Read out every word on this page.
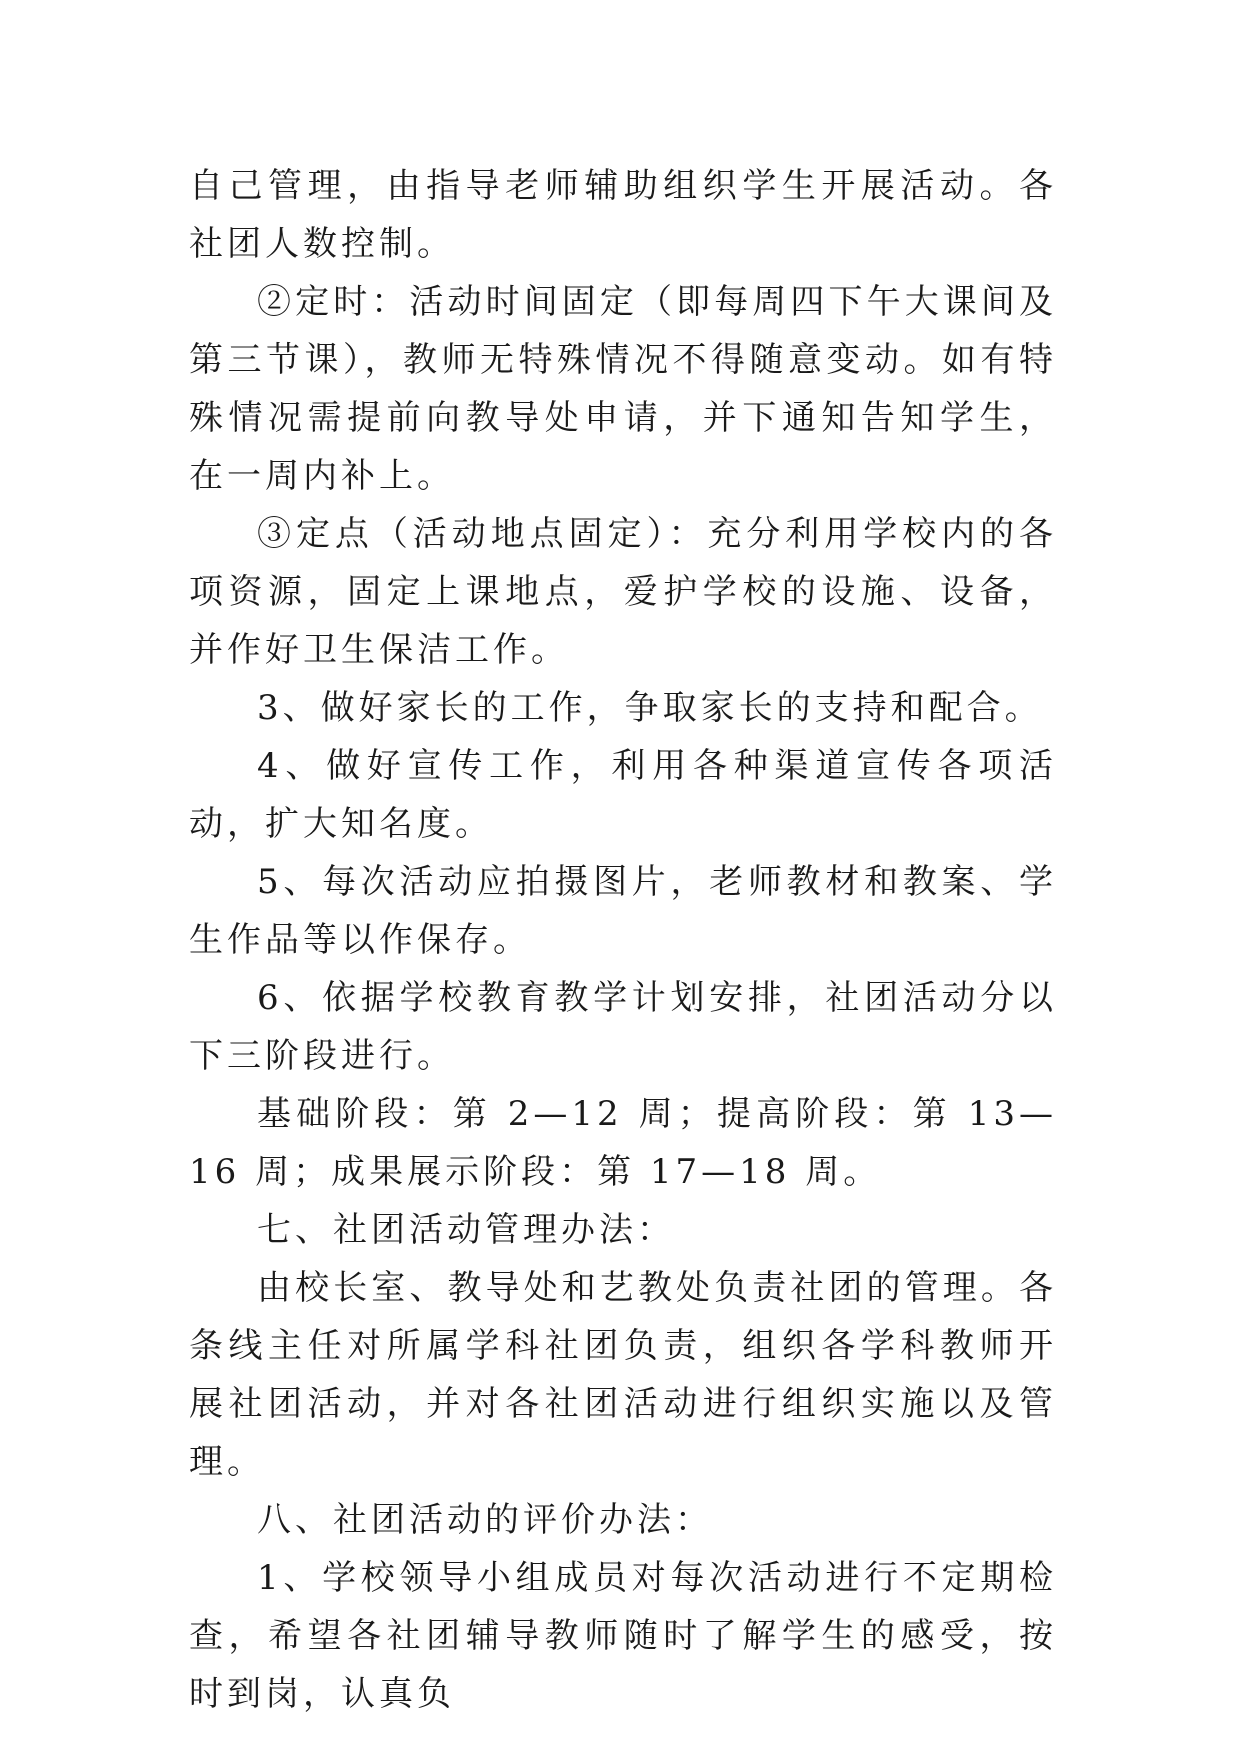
自己管理，由指导老师辅助组织学生开展活动。各社团人数控制。

②定时：活动时间固定（即每周四下午大课间及第三节课），教师无特殊情况不得随意变动。如有特殊情况需提前向教导处申请，并下通知告知学生，在一周内补上。

③定点（活动地点固定）：充分利用学校内的各项资源，固定上课地点，爱护学校的设施、设备，并作好卫生保洁工作。

3、做好家长的工作，争取家长的支持和配合。

4、做好宣传工作，利用各种渠道宣传各项活动，扩大知名度。

5、每次活动应拍摄图片，老师教材和教案、学生作品等以作保存。

6、依据学校教育教学计划安排，社团活动分以下三阶段进行。

基础阶段：第 2—12 周；提高阶段：第 13—16 周；成果展示阶段：第 17—18 周。

七、社团活动管理办法：

由校长室、教导处和艺教处负责社团的管理。各条线主任对所属学科社团负责，组织各学科教师开展社团活动，并对各社团活动进行组织实施以及管理。

八、社团活动的评价办法：

1、学校领导小组成员对每次活动进行不定期检查，希望各社团辅导教师随时了解学生的感受，按时到岗，认真负
